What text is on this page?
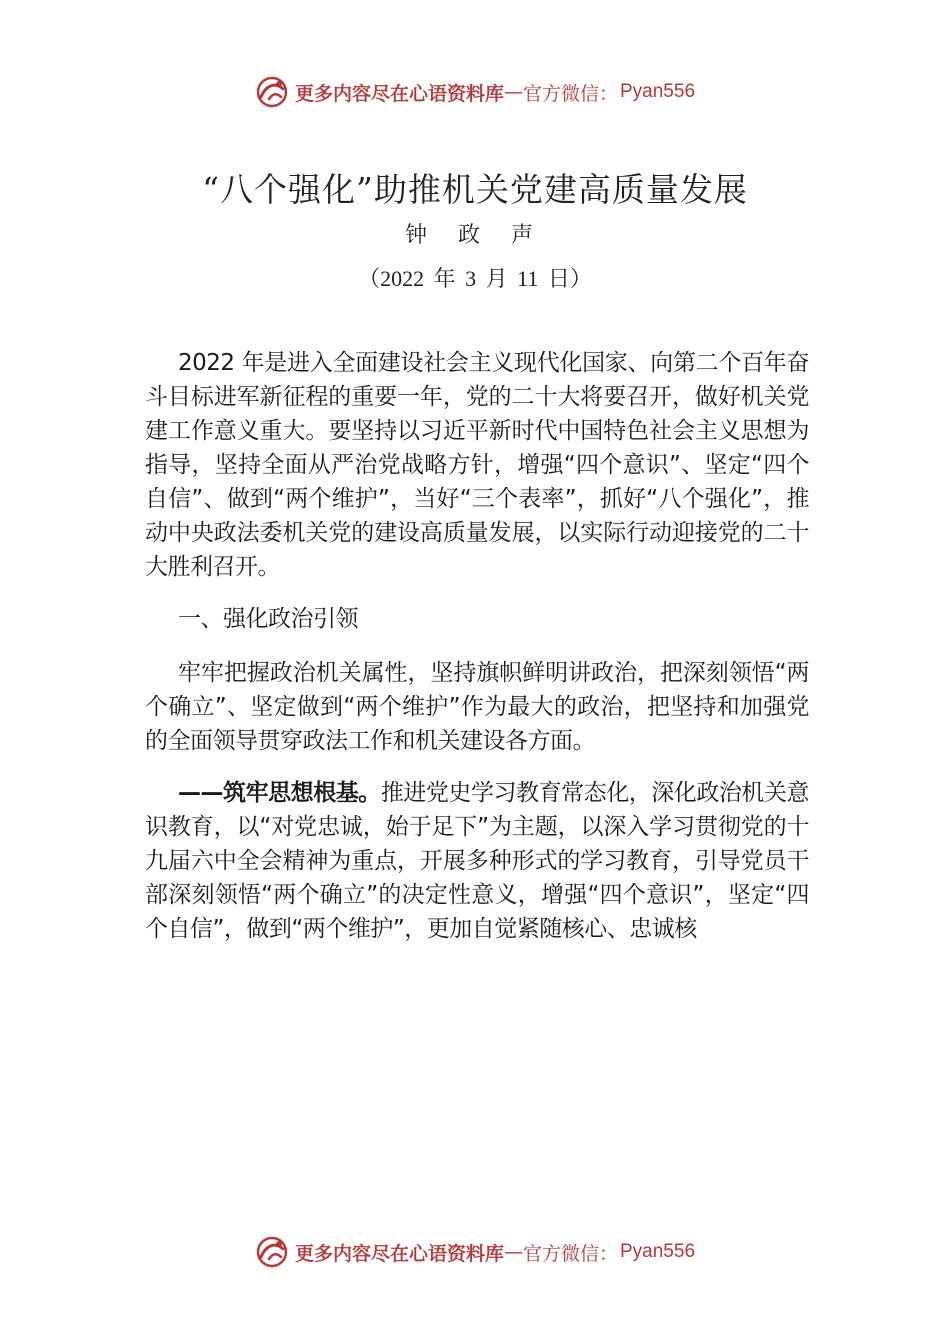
更多内容尽在心语资料库 — 官方微信： Pyan556
“八个强化”助推机关党建高质量发展
钟 政 声
（2022 年 3 月 11 日）

2022 年是进入全面建设社会主义现代化国家、向第二个百年奋斗目标进军新征程的重要一年，党的二十大将要召开，做好机关党建工作意义重大。要坚持以习近平新时代中国特色社会主义思想为指导，坚持全面从严治党战略方针，增强“四个意识”、坚定“四个自信”、做到“两个维护”，当好“三个表率”，抓好“八个强化”，推动中央政法委机关党的建设高质量发展，以实际行动迎接党的二十大胜利召开。

一、强化政治引领

牢牢把握政治机关属性，坚持旗帜鲜明讲政治，把深刻领悟“两个确立”、坚定做到“两个维护”作为最大的政治，把坚持和加强党的全面领导贯穿政法工作和机关建设各方面。

——筑牢思想根基。推进党史学习教育常态化，深化政治机关意识教育，以“对党忠诚，始于足下”为主题，以深入学习贯彻党的十九届六中全会精神为重点，开展多种形式的学习教育，引导党员干部深刻领悟“两个确立”的决定性意义，增强“四个意识”，坚定“四个自信”，做到“两个维护”，更加自觉紧随核心、忠诚核

更多内容尽在心语资料库 — 官方微信： Pyan556
